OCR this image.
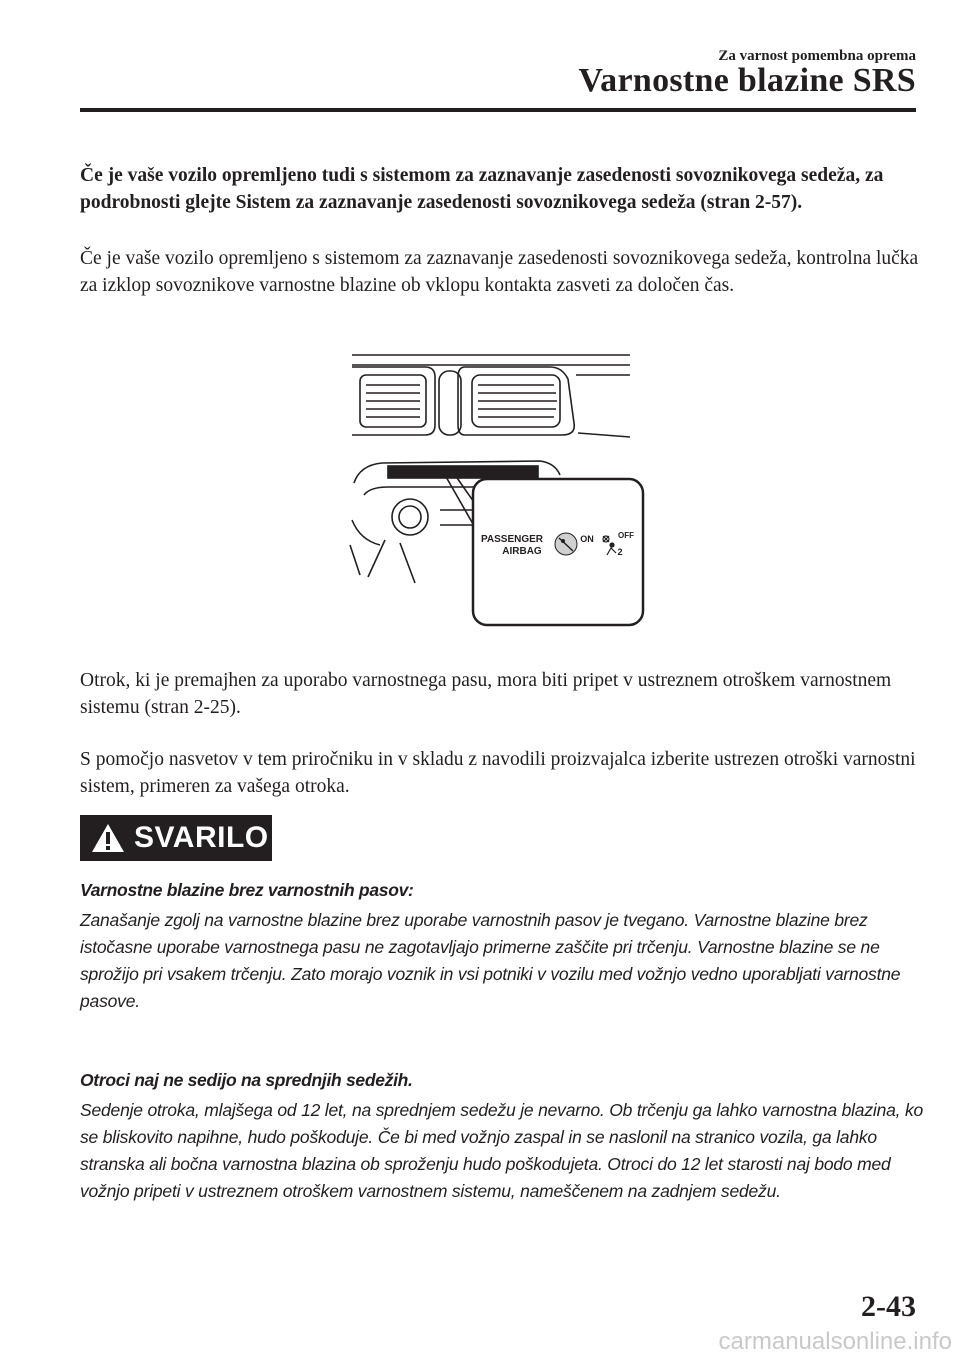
Za varnost pomembna oprema
Varnostne blazine SRS
Če je vaše vozilo opremljeno tudi s sistemom za zaznavanje zasedenosti sovoznikovega sedeža, za podrobnosti glejte Sistem za zaznavanje zasedenosti sovoznikovega sedeža (stran 2-57).
Če je vaše vozilo opremljeno s sistemom za zaznavanje zasedenosti sovoznikovega sedeža, kontrolna lučka za izklop sovoznikove varnostne blazine ob vklopu kontakta zasveti za določen čas.
PASSENGER
AIRBAG
ON	OFF
2
Otrok, ki je premajhen za uporabo varnostnega pasu, mora biti pripet v ustreznem otroškem varnostnem sistemu (stran 2-25).
S pomočjo nasvetov v tem priročniku in v skladu z navodili proizvajalca izberite ustrezen otroški varnostni sistem, primeren za vašega otroka.
SVARILO
Varnostne blazine brez varnostnih pasov:
Zanašanje zgolj na varnostne blazine brez uporabe varnostnih pasov je tvegano. Varnostne blazine brez istočasne uporabe varnostnega pasu ne zagotavljajo primerne zaščite pri trčenju. Varnostne blazine se ne sprožijo pri vsakem trčenju. Zato morajo voznik in vsi potniki v vozilu med vožnjo vedno uporabljati varnostne pasove.
Otroci naj ne sedijo na sprednjih sedežih.
Sedenje otroka, mlajšega od 12 let, na sprednjem sedežu je nevarno. Ob trčenju ga lahko varnostna blazina, ko se bliskovito napihne, hudo poškoduje. Če bi med vožnjo zaspal in se naslonil na stranico vozila, ga lahko stranska ali bočna varnostna blazina ob sproženju hudo poškodujeta. Otroci do 12 let starosti naj bodo med vožnjo pripeti v ustreznem otroškem varnostnem sistemu, nameščenem na zadnjem sedežu.
2-43
carmanualsonline.info
